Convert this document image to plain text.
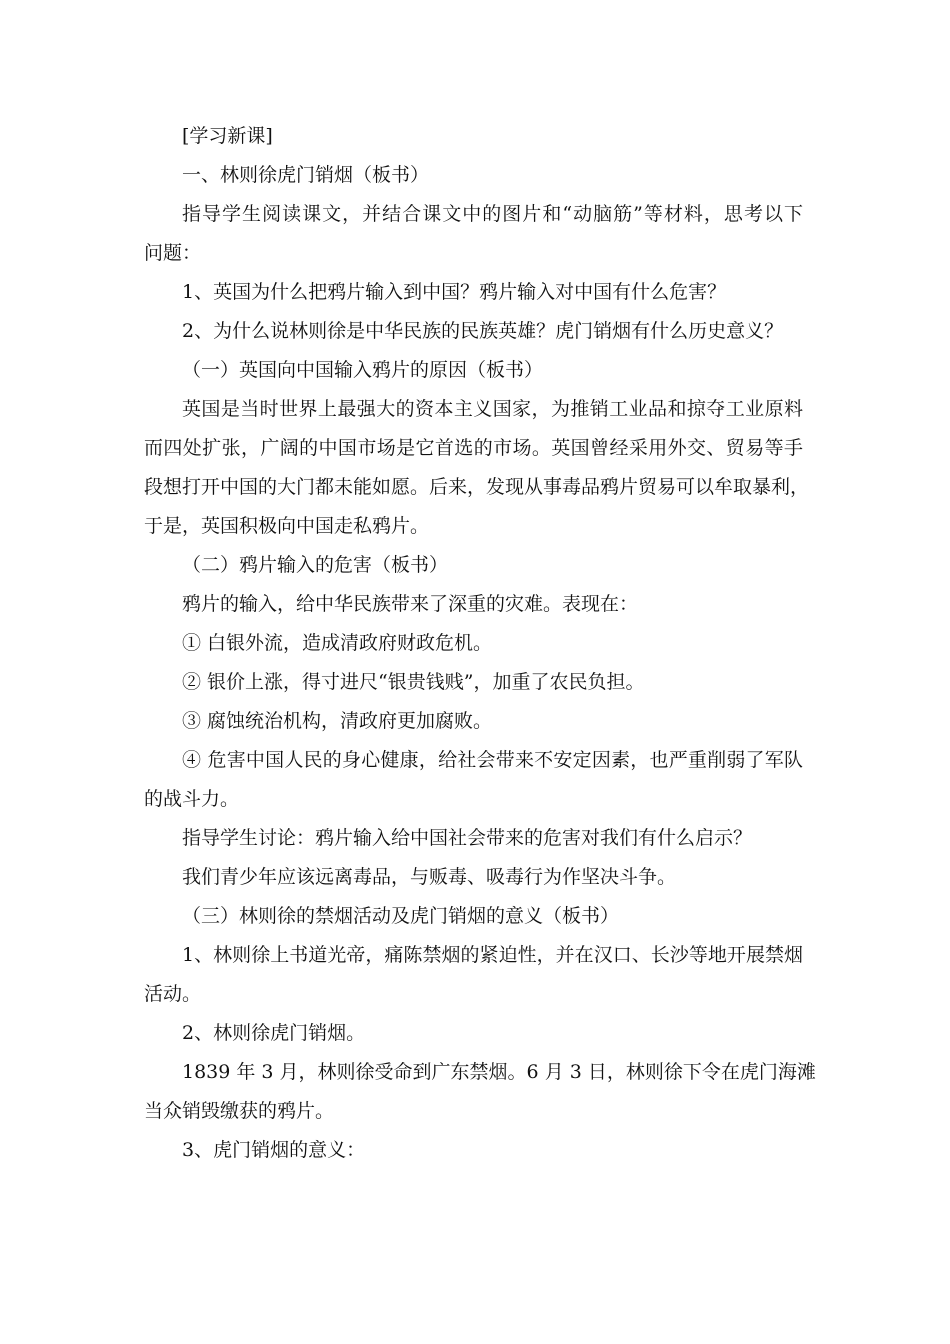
[学习新课]
一、林则徐虎门销烟（板书）
指导学生阅读课文，并结合课文中的图片和“动脑筋”等材料，思考以下
问题：
1、英国为什么把鸦片输入到中国？鸦片输入对中国有什么危害？
2、为什么说林则徐是中华民族的民族英雄？虎门销烟有什么历史意义？
（一）英国向中国输入鸦片的原因（板书）
英国是当时世界上最强大的资本主义国家，为推销工业品和掠夺工业原料
而四处扩张，广阔的中国市场是它首选的市场。英国曾经采用外交、贸易等手
段想打开中国的大门都未能如愿。后来，发现从事毒品鸦片贸易可以牟取暴利，
于是，英国积极向中国走私鸦片。
（二）鸦片输入的危害（板书）
鸦片的输入，给中华民族带来了深重的灾难。表现在：
① 白银外流，造成清政府财政危机。
② 银价上涨，得寸进尺“银贵钱贱”，加重了农民负担。
③ 腐蚀统治机构，清政府更加腐败。
④ 危害中国人民的身心健康，给社会带来不安定因素，也严重削弱了军队
的战斗力。
指导学生讨论：鸦片输入给中国社会带来的危害对我们有什么启示？
我们青少年应该远离毒品，与贩毒、吸毒行为作坚决斗争。
（三）林则徐的禁烟活动及虎门销烟的意义（板书）
1、林则徐上书道光帝，痛陈禁烟的紧迫性，并在汉口、长沙等地开展禁烟
活动。
2、林则徐虎门销烟。
1839 年 3 月，林则徐受命到广东禁烟。6 月 3 日，林则徐下令在虎门海滩
当众销毁缴获的鸦片。
3、虎门销烟的意义：
